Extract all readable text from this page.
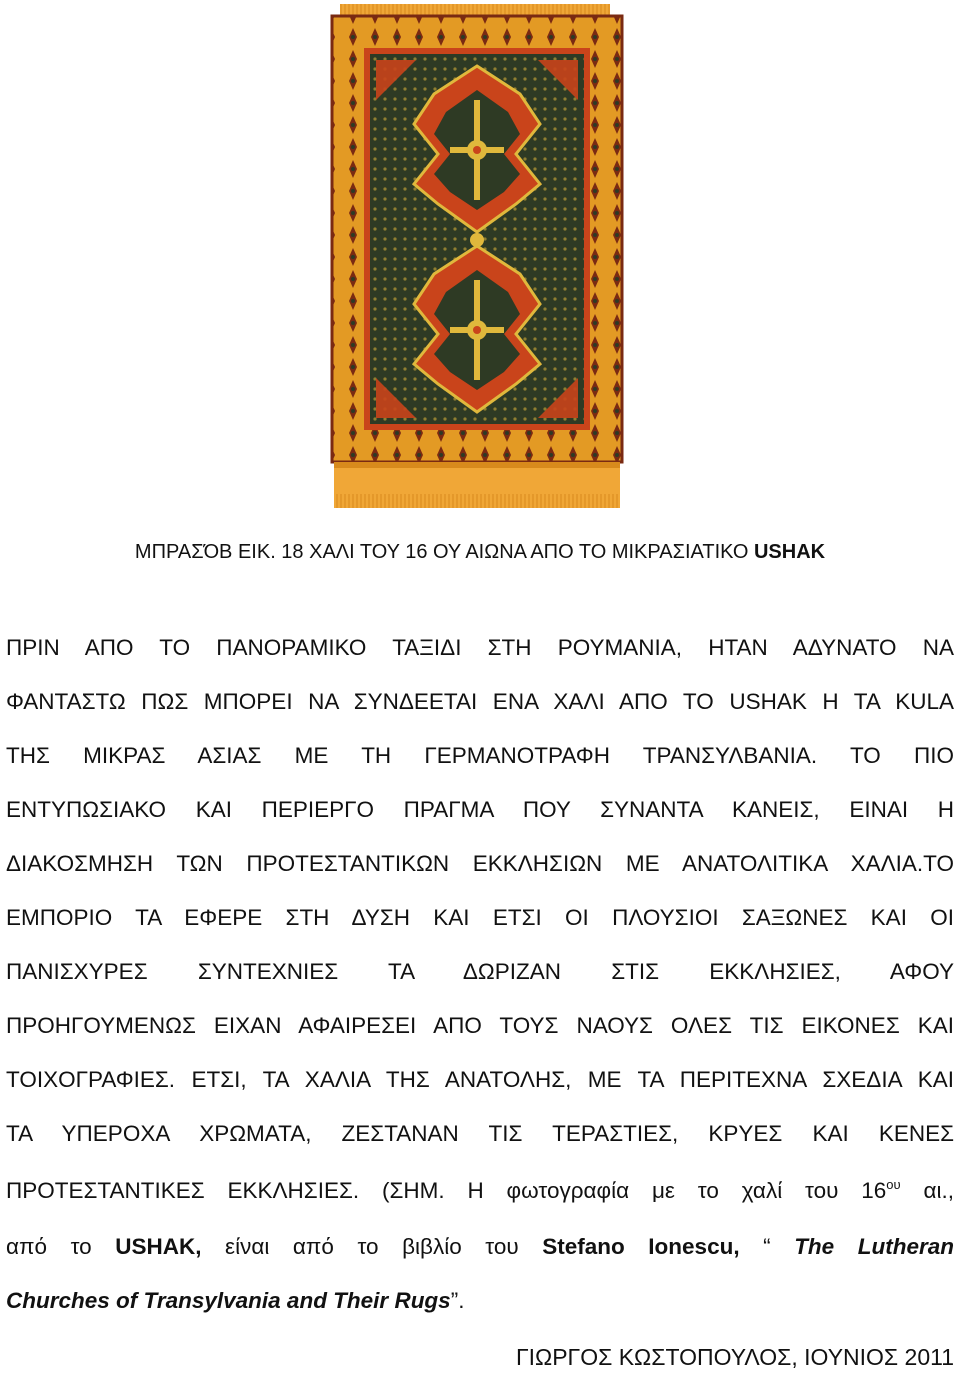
ΜΠΡΑΣΌΒ ΕΙΚ. 18 ΧΑΛΙ ΤΟΥ 16 ΟΥ ΑΙΩΝΑ ΑΠΟ ΤΟ ΜΙΚΡΑΣΙΑΤΙΚΟ USHAK
ΠΡΙΝ ΑΠΟ ΤΟ ΠΑΝΟΡΑΜΙΚΟ ΤΑΞΙΔΙ ΣΤΗ ΡΟΥΜΑΝΙΑ, ΗΤΑΝ ΑΔΥΝΑΤΟ ΝΑ
ΦΑΝΤΑΣΤΩ ΠΩΣ ΜΠΟΡΕΙ ΝΑ ΣΥΝΔΕΕΤΑΙ ΕΝΑ ΧΑΛΙ ΑΠΟ ΤΟ USHAK Η ΤΑ KULA
ΤΗΣ ΜΙΚΡΑΣ ΑΣΙΑΣ ΜΕ ΤΗ ΓΕΡΜΑΝΟΤΡΑΦΗ ΤΡΑΝΣΥΛΒΑΝΙΑ. ΤΟ ΠΙΟ
ΕΝΤΥΠΩΣΙΑΚΟ ΚΑΙ ΠΕΡΙΕΡΓΟ ΠΡΑΓΜΑ ΠΟΥ ΣΥΝΑΝΤΑ ΚΑΝΕΙΣ, ΕΙΝΑΙ Η
ΔΙΑΚΟΣΜΗΣΗ ΤΩΝ ΠΡΟΤΕΣΤΑΝΤΙΚΩΝ ΕΚΚΛΗΣΙΩΝ ΜΕ ΑΝΑΤΟΛΙΤΙΚΑ ΧΑΛΙΑ.ΤΟ
ΕΜΠΟΡΙΟ ΤΑ ΕΦΕΡΕ ΣΤΗ ΔΥΣΗ ΚΑΙ ΕΤΣΙ ΟΙ ΠΛΟΥΣΙΟΙ ΣΑΞΩΝΕΣ ΚΑΙ ΟΙ
ΠΑΝΙΣΧΥΡΕΣ ΣΥΝΤΕΧΝΙΕΣ ΤΑ ΔΩΡΙΖΑΝ ΣΤΙΣ ΕΚΚΛΗΣΙΕΣ, ΑΦΟΥ
ΠΡΟΗΓΟΥΜΕΝΩΣ ΕΙΧΑΝ ΑΦΑΙΡΕΣΕΙ ΑΠΟ ΤΟΥΣ ΝΑΟΥΣ ΟΛΕΣ ΤΙΣ ΕΙΚΟΝΕΣ ΚΑΙ
ΤΟΙΧΟΓΡΑΦΙΕΣ. ΕΤΣΙ, ΤΑ ΧΑΛΙΑ ΤΗΣ ΑΝΑΤΟΛΗΣ, ΜΕ ΤΑ ΠΕΡΙΤΕΧΝΑ ΣΧΕΔΙΑ ΚΑΙ
ΤΑ ΥΠΕΡΟΧΑ ΧΡΩΜΑΤΑ, ΖΕΣΤΑΝΑΝ ΤΙΣ ΤΕΡΑΣΤΙΕΣ, ΚΡΥΕΣ ΚΑΙ ΚΕΝΕΣ
ΠΡΟΤΕΣΤΑΝΤΙΚΕΣ ΕΚΚΛΗΣΙΕΣ. (ΣΗΜ. Η φωτογραφία με το χαλί του $16^{o\upsilon}$ αι.,
από το USHAK, είναι από το βιβλίο του Stefano Ionescu, “ The Lutheran
Churches of Transylvania and Their Rugs”.
ΓΙΩΡΓΟΣ ΚΩΣΤΟΠΟΥΛΟΣ, ΙΟΥΝΙΟΣ 2011
